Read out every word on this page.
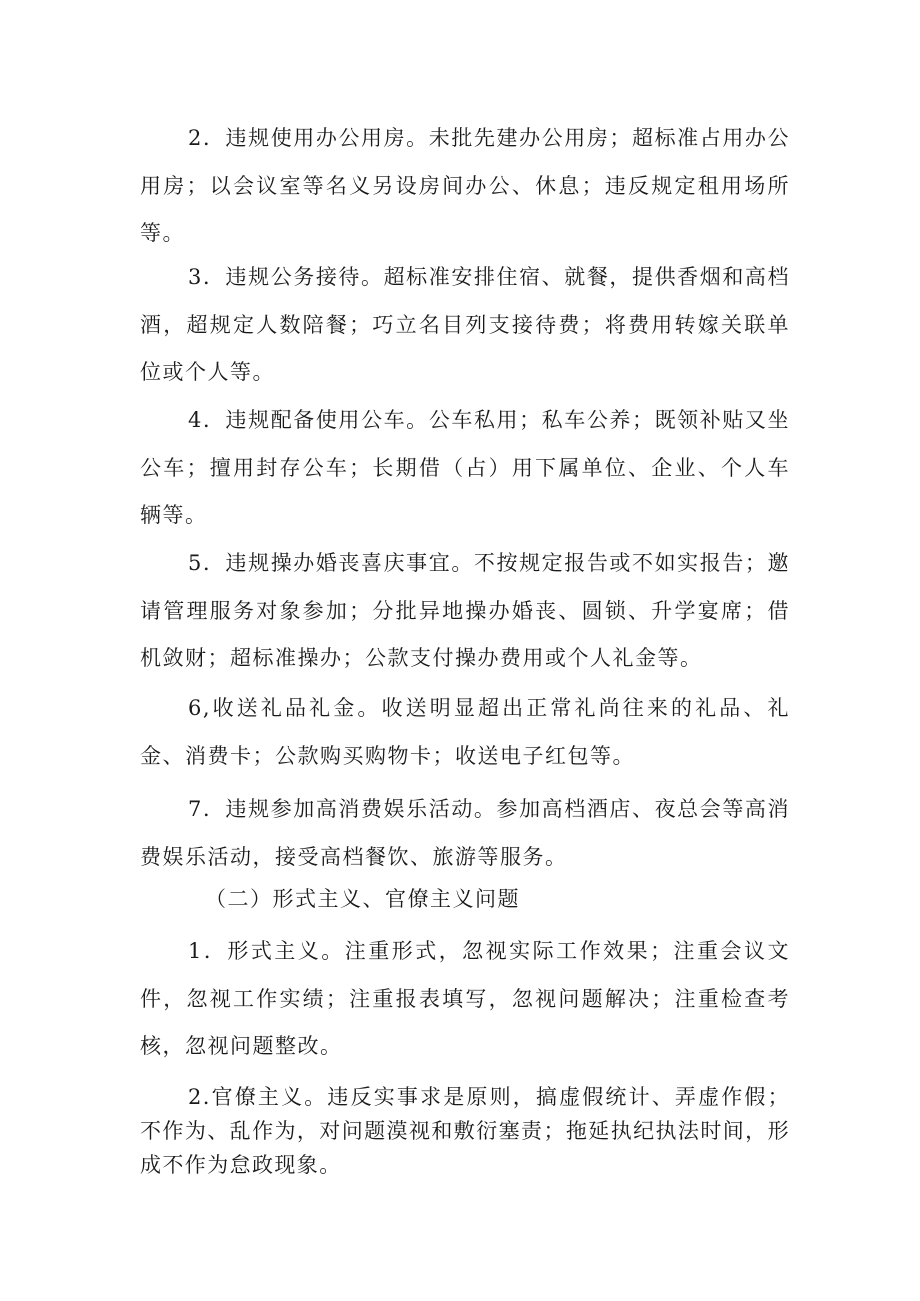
2．违规使用办公用房。未批先建办公用房；超标准占用办公用房；以会议室等名义另设房间办公、休息；违反规定租用场所等。

3．违规公务接待。超标准安排住宿、就餐，提供香烟和高档酒，超规定人数陪餐；巧立名目列支接待费；将费用转嫁关联单位或个人等。

4．违规配备使用公车。公车私用；私车公养；既领补贴又坐公车；擅用封存公车；长期借（占）用下属单位、企业、个人车辆等。

5．违规操办婚丧喜庆事宜。不按规定报告或不如实报告；邀请管理服务对象参加；分批异地操办婚丧、圆锁、升学宴席；借机敛财；超标准操办；公款支付操办费用或个人礼金等。

6,收送礼品礼金。收送明显超出正常礼尚往来的礼品、礼金、消费卡；公款购买购物卡；收送电子红包等。

7．违规参加高消费娱乐活动。参加高档酒店、夜总会等高消费娱乐活动，接受高档餐饮、旅游等服务。

（二）形式主义、官僚主义问题

1．形式主义。注重形式，忽视实际工作效果；注重会议文件，忽视工作实绩；注重报表填写，忽视问题解决；注重检查考核，忽视问题整改。

2.官僚主义。违反实事求是原则，搞虚假统计、弄虚作假；不作为、乱作为，对问题漠视和敷衍塞责；拖延执纪执法时间，形成不作为怠政现象。
